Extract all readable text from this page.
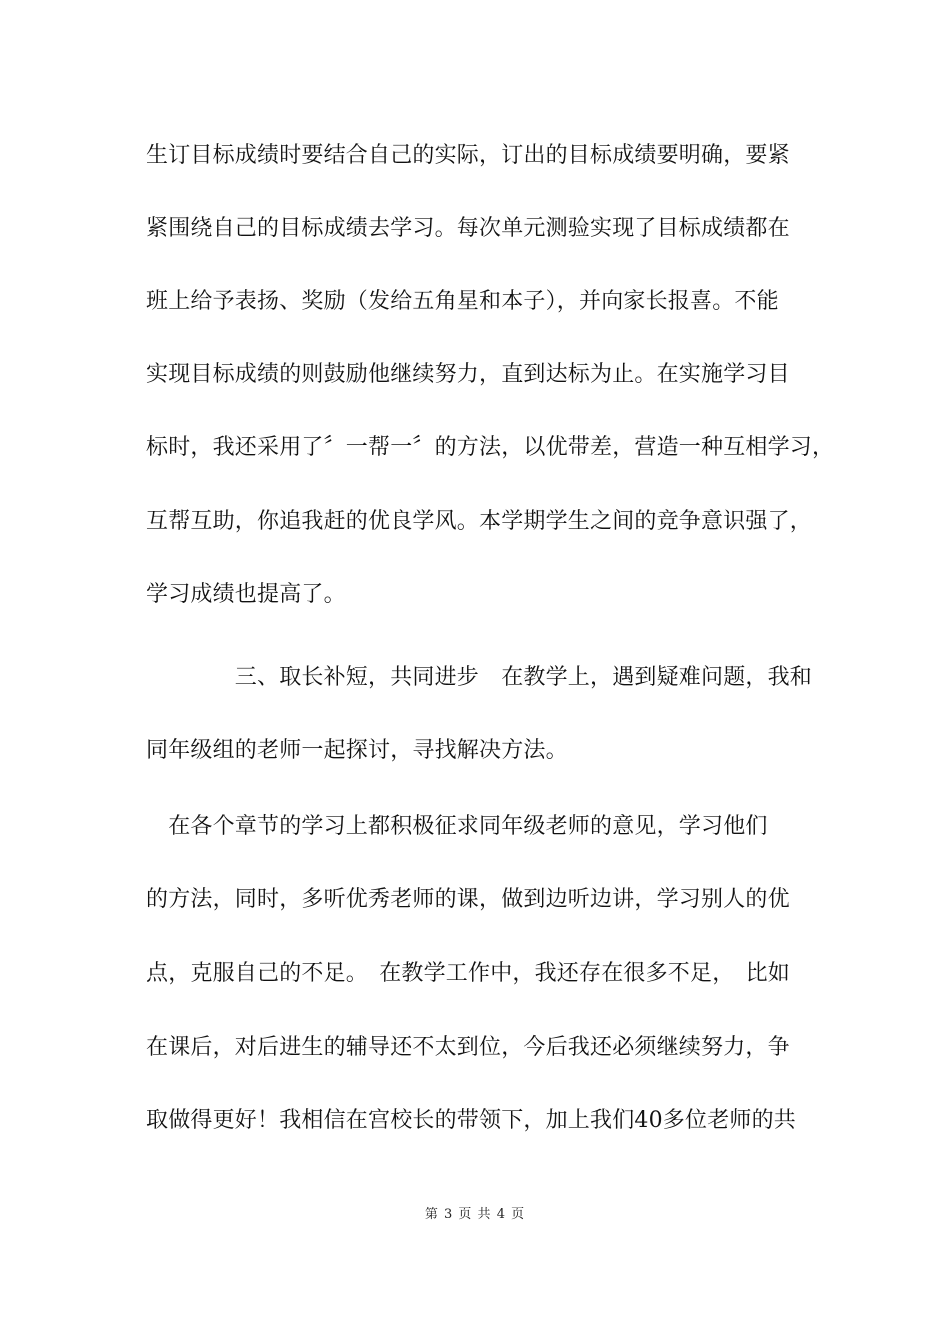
生订目标成绩时要结合自己的实际，订出的目标成绩要明确，要紧
紧围绕自己的目标成绩去学习。每次单元测验实现了目标成绩都在
班上给予表扬、奖励（发给五角星和本子），并向家长报喜。不能
实现目标成绩的则鼓励他继续努力，直到达标为止。在实施学习目
标时，我还采用了〞一帮一〞的方法，以优带差，营造一种互相学习，
互帮互助，你追我赶的优良学风。本学期学生之间的竞争意识强了，
学习成绩也提高了。
　　　　三、取长补短，共同进步　在教学上，遇到疑难问题，我和
同年级组的老师一起探讨，寻找解决方法。
　在各个章节的学习上都积极征求同年级老师的意见，学习他们
的方法，同时，多听优秀老师的课，做到边听边讲，学习别人的优
点，克服自己的不足。　在教学工作中，我还存在很多不足，　比如
在课后，对后进生的辅导还不太到位，今后我还必须继续努力，争
取做得更好！我相信在宫校长的带领下，加上我们40多位老师的共
第 3 页 共 4 页
